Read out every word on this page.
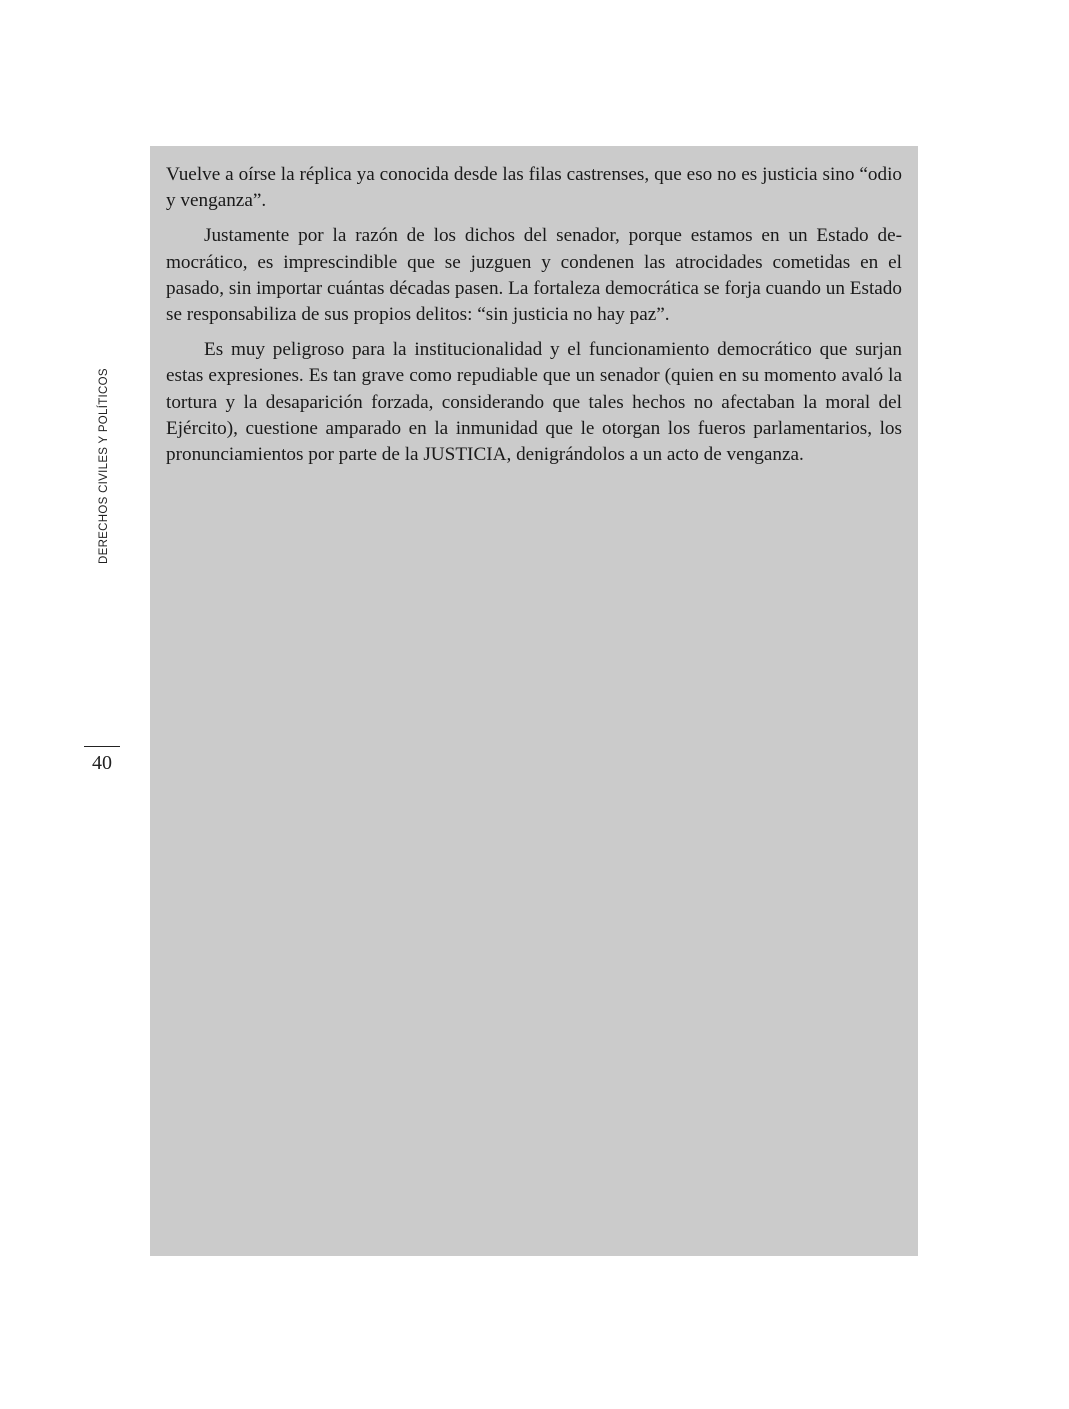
DERECHOS CIVILES Y POLÍTICOS
40

Vuelve a oírse la réplica ya conocida desde las filas castrenses, que eso no es justicia sino “odio y venganza”.

Justamente por la razón de los dichos del senador, porque estamos en un Estado democrático, es imprescindible que se juzguen y condenen las atrocidades cometidas en el pasado, sin importar cuántas décadas pasen. La fortaleza democrática se forja cuando un Estado se responsabiliza de sus propios delitos: “sin justicia no hay paz”.

Es muy peligroso para la institucionalidad y el funcionamiento democrático que surjan estas expresiones. Es tan grave como repudiable que un senador (quien en su momento avaló la tortura y la desaparición forzada, considerando que tales hechos no afectaban la moral del Ejército), cuestione amparado en la inmunidad que le otorgan los fueros parlamentarios, los pronunciamientos por parte de la JUSTICIA, denigrándolos a un acto de venganza.
